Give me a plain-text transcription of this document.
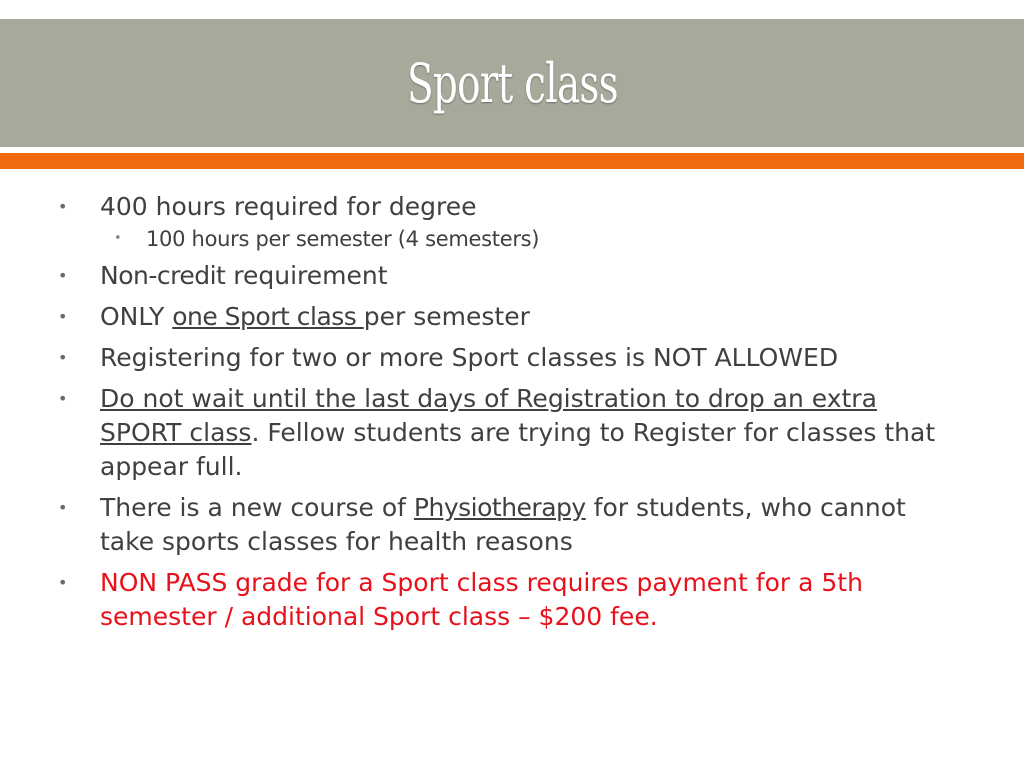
Sport class
• 400 hours required for degree
• 100 hours per semester (4 semesters)
• Non-credit requirement
• ONLY one Sport class per semester
• Registering for two or more Sport classes is NOT ALLOWED
• Do not wait until the last days of Registration to drop an extra SPORT class. Fellow students are trying to Register for classes that appear full.
• There is a new course of Physiotherapy for students, who cannot take sports classes for health reasons
• NON PASS grade for a Sport class requires payment for a 5th semester / additional Sport class – $200 fee.
